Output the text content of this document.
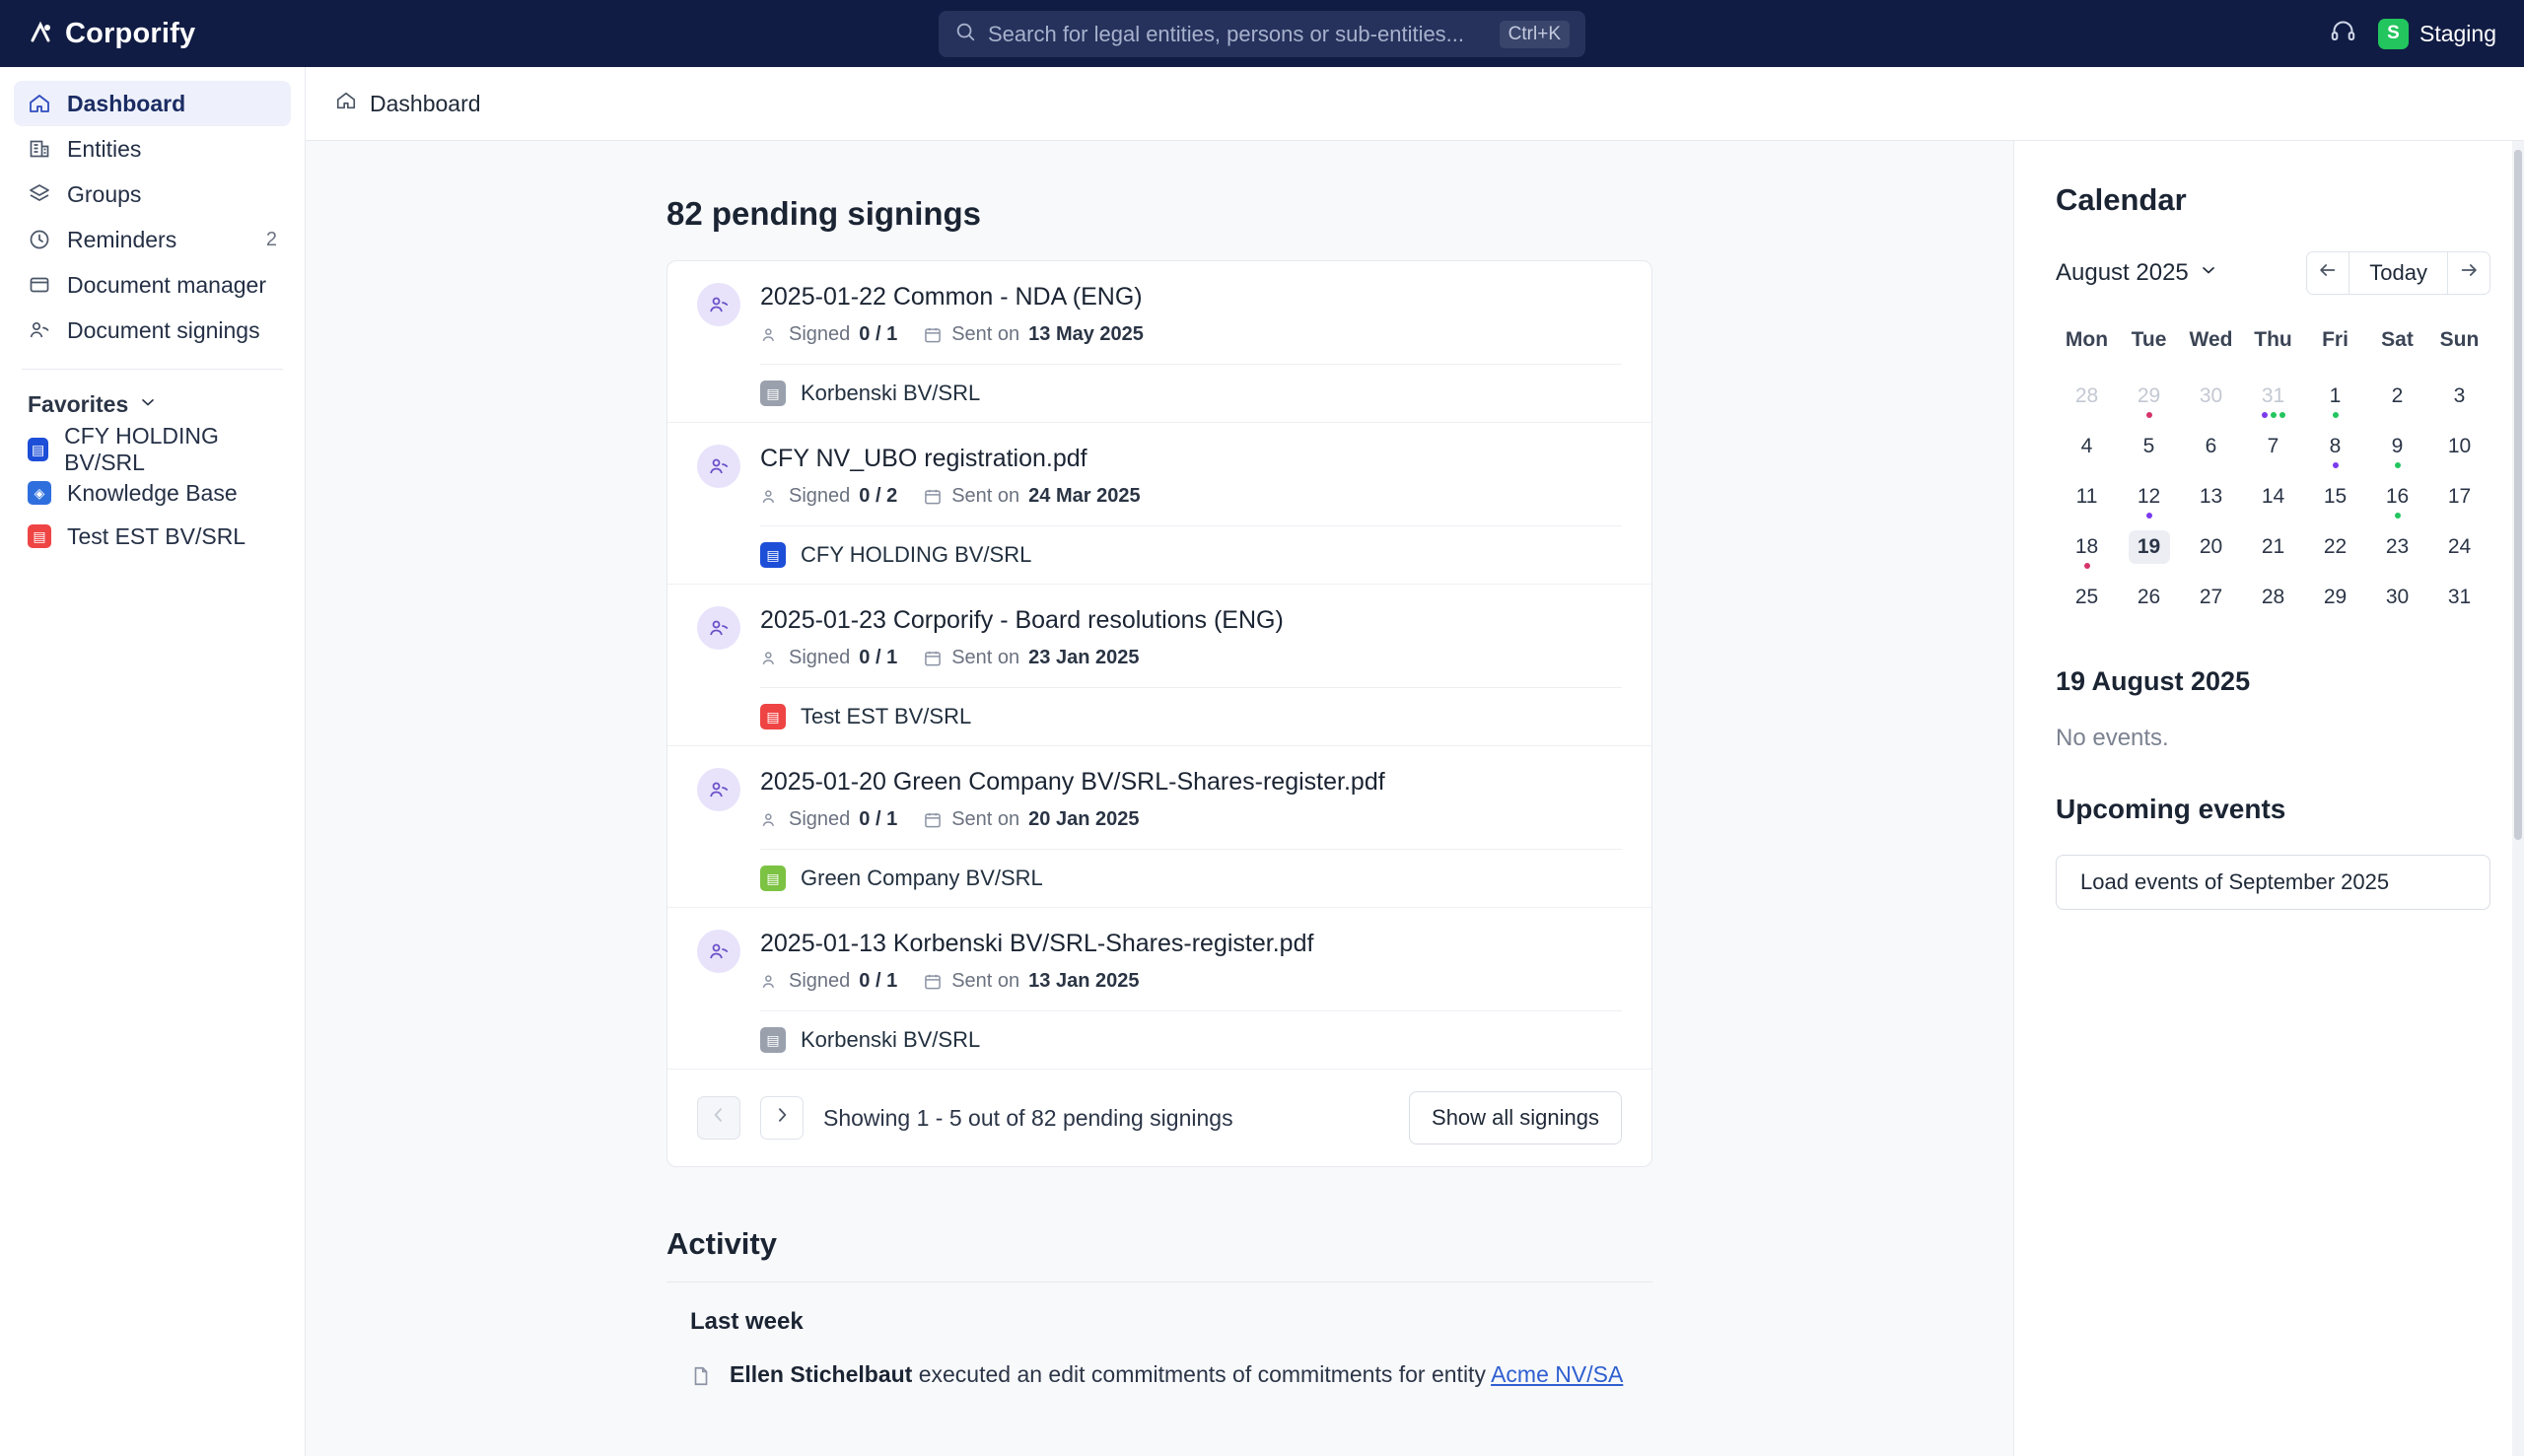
Corporify	Search for legal entities, persons or sub-entities...	Ctrl+K	S Staging
Dashboard
Entities
Groups
Reminders	2
Document manager
Document signings
Favorites
▤
CFY HOLDING BV/SRL
◈ Knowledge Base
▤ Test EST BV/SRL
Dashboard
82 pending signings
2025-01-22 Common - NDA (ENG)
Signed 0 / 1	Sent on 13 May 2025
▤ Korbenski BV/SRL
CFY NV_UBO registration.pdf
Signed 0 / 2	Sent on 24 Mar 2025
▤ CFY HOLDING BV/SRL
2025-01-23 Corporify - Board resolutions (ENG)
Signed 0 / 1	Sent on 23 Jan 2025
▤ Test EST BV/SRL
2025-01-20 Green Company BV/SRL-Shares-register.pdf
Signed 0 / 1	Sent on 20 Jan 2025
▤ Green Company BV/SRL
2025-01-13 Korbenski BV/SRL-Shares-register.pdf
Signed 0 / 1	Sent on 13 Jan 2025
▤ Korbenski BV/SRL
Showing 1 - 5 out of 82 pending signings	Show all signings
Activity
Last week
Ellen Stichelbaut executed an edit commitments of commitments for entity Acme NV/SA
Calendar
August 2025	Today
Mon	Tue	Wed	Thu	Fri	Sat	Sun
28	29	30	31	1	2	3
4	5	6	7	8	9	10
11	12	13	14	15	16	17
18	19	20	21	22	23	24
25	26	27	28	29	30	31
19 August 2025
No events.
Upcoming events
Load events of September 2025
